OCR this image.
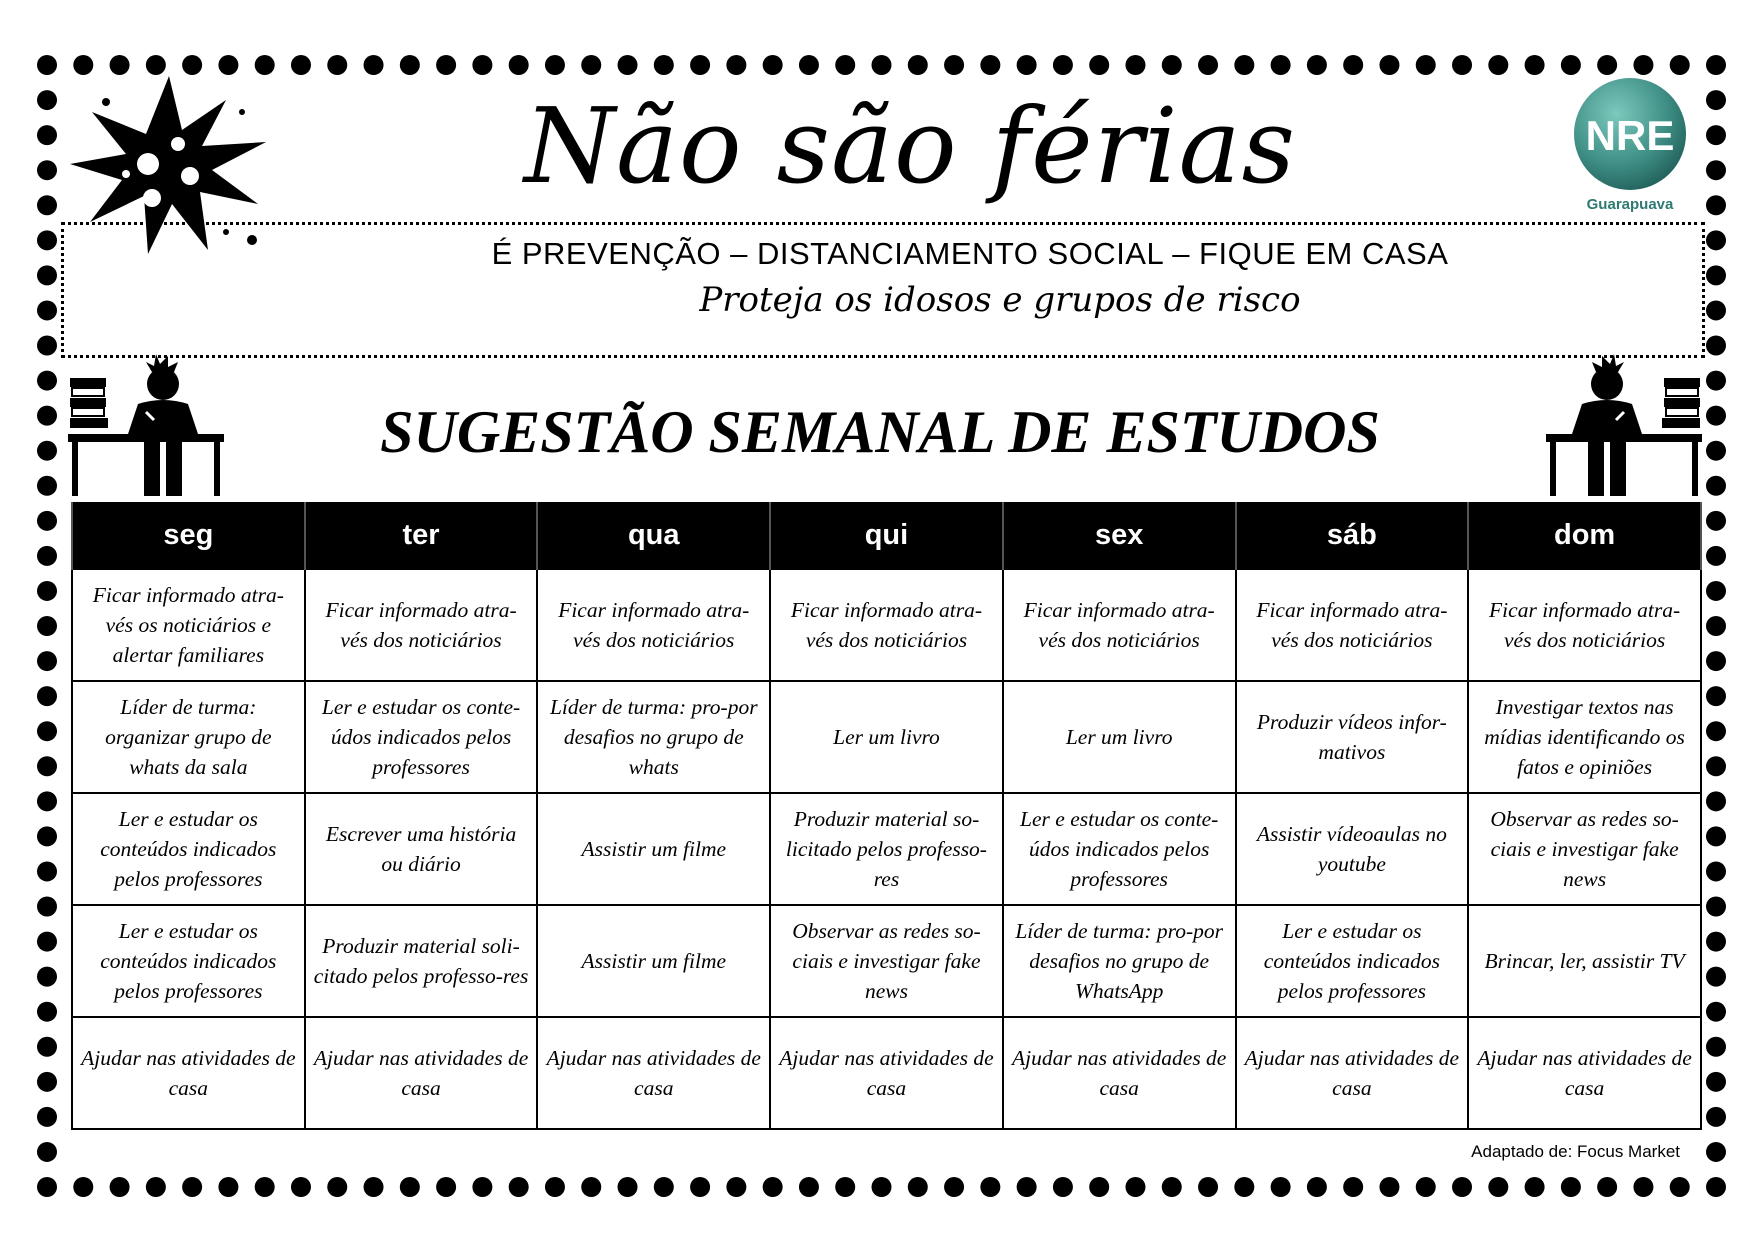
NRE
Guarapuava
Não são férias
É PREVENÇÃO – DISTANCIAMENTO SOCIAL – FIQUE EM CASA
Proteja os idosos e grupos de risco
SUGESTÃO SEMANAL DE ESTUDOS
seg	ter	qua	qui	sex	sáb	dom
Ficar informado atra-vés os noticiários e alertar familiares	Ficar informado atra-vés dos noticiários	Ficar informado atra-vés dos noticiários	Ficar informado atra-vés dos noticiários	Ficar informado atra-vés dos noticiários	Ficar informado atra-vés dos noticiários	Ficar informado atra-vés dos noticiários
Líder de turma: organizar grupo de whats da sala	Ler e estudar os conte-údos indicados pelos professores	Líder de turma: pro-por desafios no grupo de whats	Ler um livro	Ler um livro	Produzir vídeos infor-mativos	Investigar textos nas mídias identificando os fatos e opiniões
Ler e estudar os conteúdos indicados pelos professores	Escrever uma história ou diário	Assistir um filme	Produzir material so-licitado pelos professo-res	Ler e estudar os conte-údos indicados pelos professores	Assistir vídeoaulas no youtube	Observar as redes so-ciais e investigar fake news
Ler e estudar os conteúdos indicados pelos professores	Produzir material soli-citado pelos professo-res	Assistir um filme	Observar as redes so-ciais e investigar fake news	Líder de turma: pro-por desafios no grupo de WhatsApp	Ler e estudar os conteúdos indicados pelos professores	Brincar, ler, assistir TV
Ajudar nas atividades de casa	Ajudar nas atividades de casa	Ajudar nas atividades de casa	Ajudar nas atividades de casa	Ajudar nas atividades de casa	Ajudar nas atividades de casa	Ajudar nas atividades de casa
Adaptado de: Focus Market
